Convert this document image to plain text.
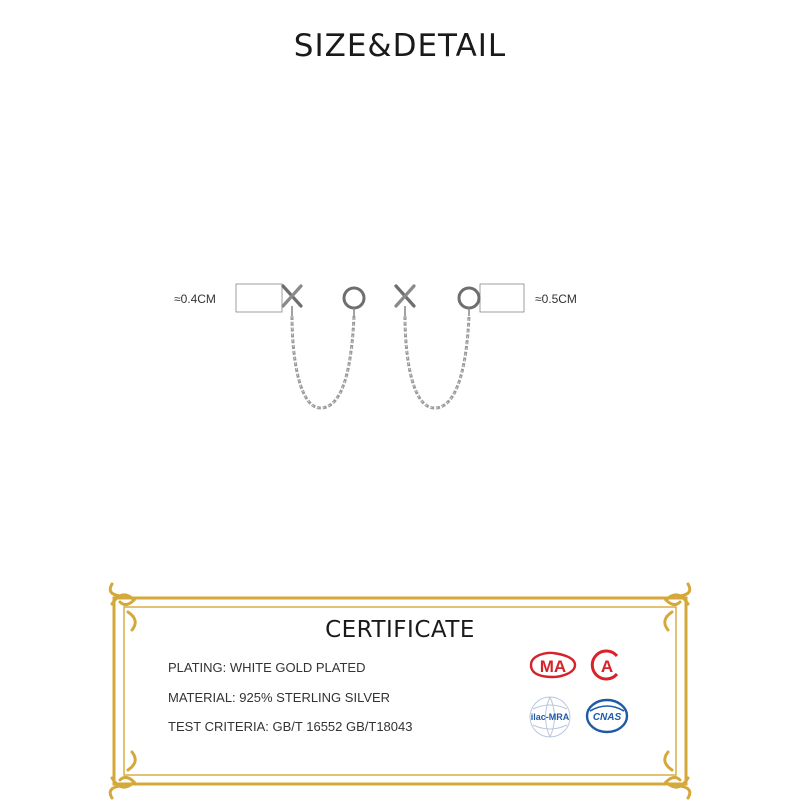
SIZE&DETAIL
≈0.4CM	≈0.5CM
CERTIFICATE
PLATING: WHITE GOLD PLATED
MATERIAL: 925% STERLING SILVER
TEST CRITERIA: GB/T 16552 GB/T18043
MA A
ilac-MRA CNAS
